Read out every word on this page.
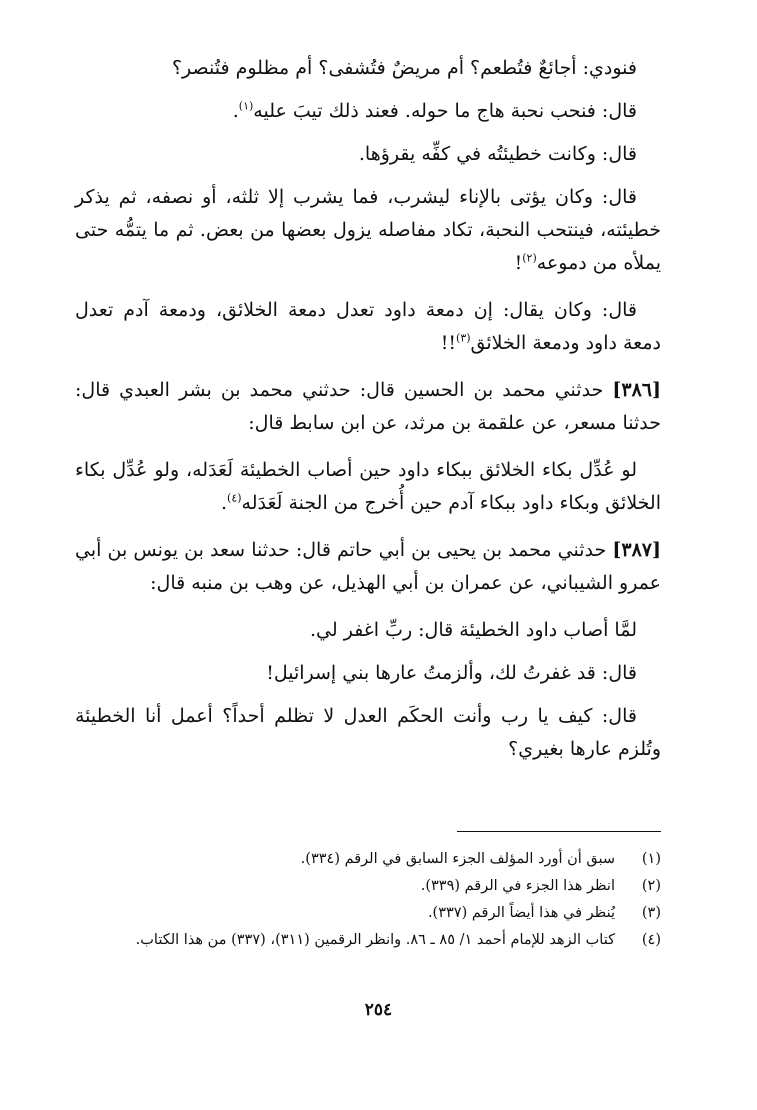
فنودي: أجائعٌ فتُطعم؟ أم مريضٌ فتُشفى؟ أم مظلوم فتُنصر؟

قال: فنحب نحبة هاج ما حوله. فعند ذلك تيبَ عليه$^{(١)}$.

قال: وكانت خطيئتُه في كفِّه يقرؤها.

قال: وكان يؤتى بالإناء ليشرب، فما يشرب إلا ثلثه، أو نصفه، ثم يذكر خطيئته، فينتحب النحبة، تكاد مفاصله يزول بعضها من بعض. ثم ما يتمُّه حتى يملأه من دموعه$^{(٢)}$!

قال: وكان يقال: إن دمعة داود تعدل دمعة الخلائق، ودمعة آدم تعدل دمعة داود ودمعة الخلائق$^{(٣)}$!!

[٣٨٦] حدثني محمد بن الحسين قال: حدثني محمد بن بشر العبدي قال: حدثنا مسعر، عن علقمة بن مرثد، عن ابن سابط قال:

لو عُدِّل بكاء الخلائق ببكاء داود حين أصاب الخطيئة لَعَدَله، ولو عُدِّل بكاء الخلائق وبكاء داود ببكاء آدم حين أُخرج من الجنة لَعَدَله$^{(٤)}$.

[٣٨٧] حدثني محمد بن يحيى بن أبي حاتم قال: حدثنا سعد بن يونس بن أبي عمرو الشيباني، عن عمران بن أبي الهذيل، عن وهب بن منبه قال:

لمَّا أصاب داود الخطيئة قال: ربِّ اغفر لي.

قال: قد غفرتُ لك، وألزمتُ عارها بني إسرائيل!

قال: كيف يا رب وأنت الحكَم العدل لا تظلم أحداً؟ أعمل أنا الخطيئة وتُلزم عارها بغيري؟

(١)
سبق أن أورد المؤلف الجزء السابق في الرقم (٣٣٤).
(٢)
انظر هذا الجزء في الرقم (٣٣٩).
(٣)
يُنظر في هذا أيضاً الرقم (٣٣٧).
(٤)
كتاب الزهد للإمام أحمد ١/ ٨٥ ـ ٨٦. وانظر الرقمين (٣١١)، (٣٣٧) من هذا الكتاب.
٢٥٤
